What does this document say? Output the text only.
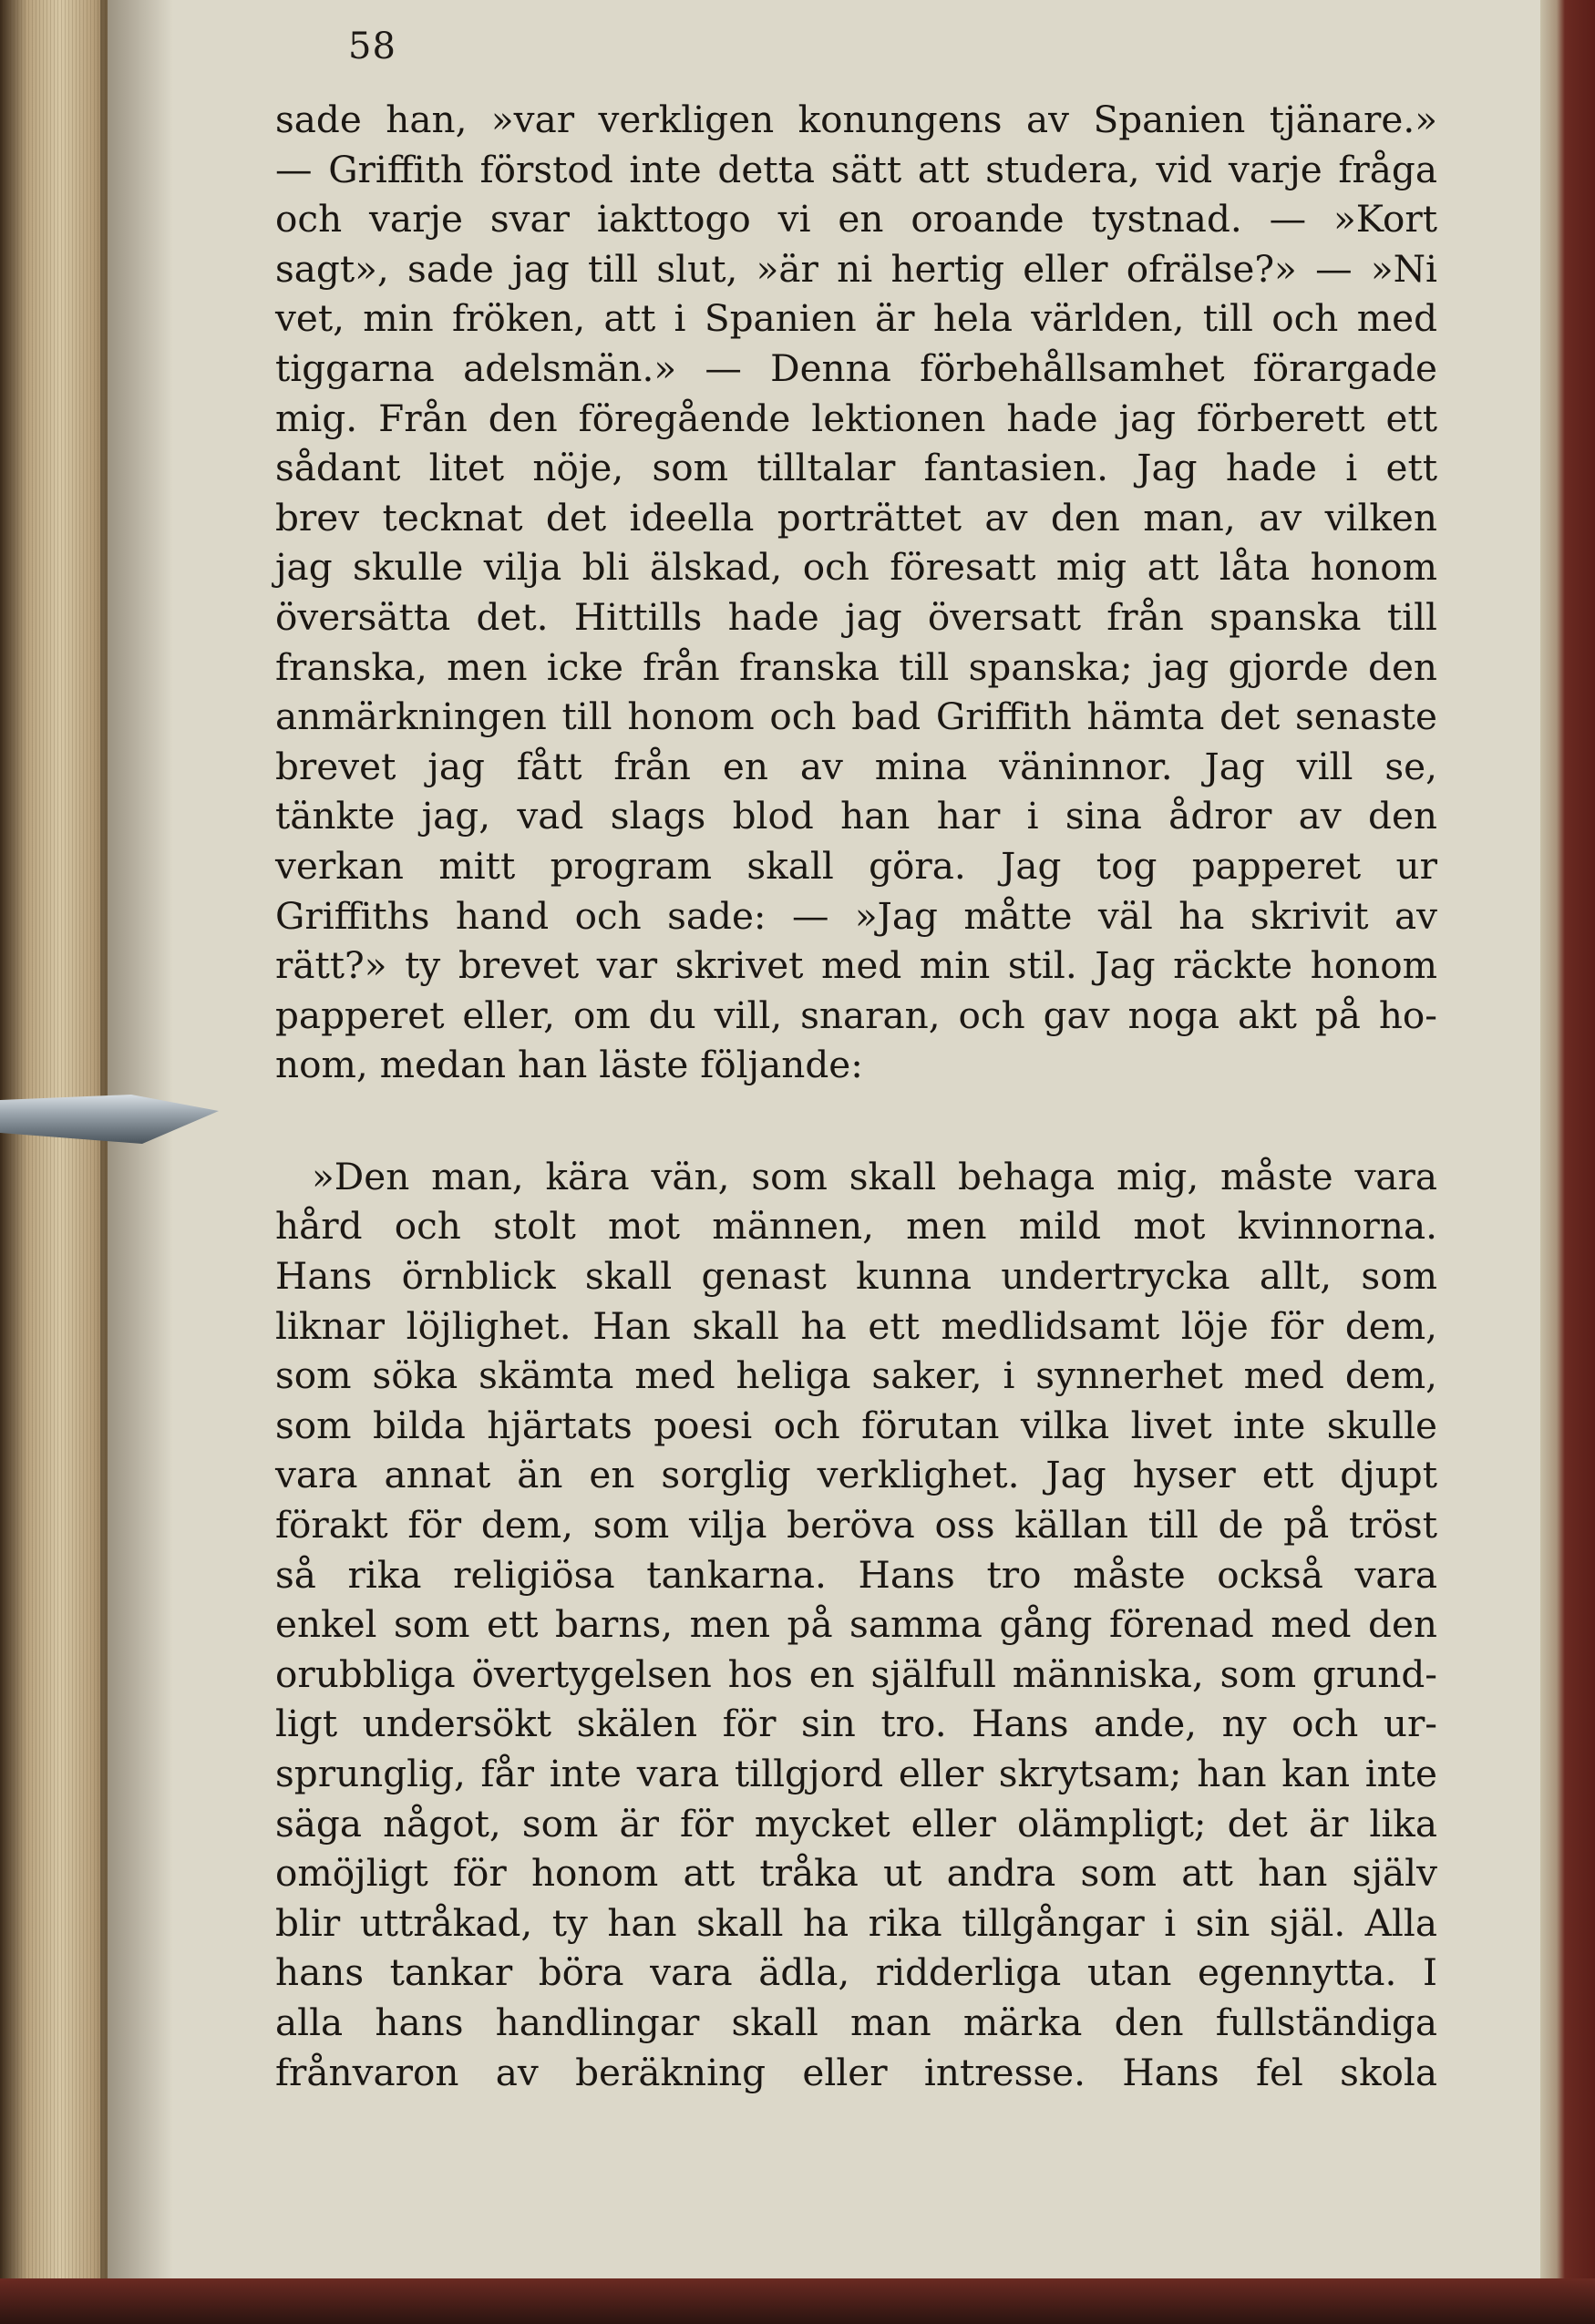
58
sade han, »var verkligen konungens av Spanien tjänare.»
— Griffith förstod inte detta sätt att studera, vid varje fråga
och varje svar iakttogo vi en oroande tystnad. — »Kort
sagt», sade jag till slut, »är ni hertig eller ofrälse?» — »Ni
vet, min fröken, att i Spanien är hela världen, till och med
tiggarna adelsmän.» — Denna förbehållsamhet förargade
mig. Från den föregående lektionen hade jag förberett ett
sådant litet nöje, som tilltalar fantasien. Jag hade i ett
brev tecknat det ideella porträttet av den man, av vilken
jag skulle vilja bli älskad, och föresatt mig att låta honom
översätta det. Hittills hade jag översatt från spanska till
franska, men icke från franska till spanska; jag gjorde den
anmärkningen till honom och bad Griffith hämta det senaste
brevet jag fått från en av mina väninnor. Jag vill se,
tänkte jag, vad slags blod han har i sina ådror av den
verkan mitt program skall göra. Jag tog papperet ur
Griffiths hand och sade: — »Jag måtte väl ha skrivit av
rätt?» ty brevet var skrivet med min stil. Jag räckte honom
papperet eller, om du vill, snaran, och gav noga akt på ho-
nom, medan han läste följande:
»Den man, kära vän, som skall behaga mig, måste vara
hård och stolt mot männen, men mild mot kvinnorna.
Hans örnblick skall genast kunna undertrycka allt, som
liknar löjlighet. Han skall ha ett medlidsamt löje för dem,
som söka skämta med heliga saker, i synnerhet med dem,
som bilda hjärtats poesi och förutan vilka livet inte skulle
vara annat än en sorglig verklighet. Jag hyser ett djupt
förakt för dem, som vilja beröva oss källan till de på tröst
så rika religiösa tankarna. Hans tro måste också vara
enkel som ett barns, men på samma gång förenad med den
orubbliga övertygelsen hos en själfull människa, som grund-
ligt undersökt skälen för sin tro. Hans ande, ny och ur-
sprunglig, får inte vara tillgjord eller skrytsam; han kan inte
säga något, som är för mycket eller olämpligt; det är lika
omöjligt för honom att tråka ut andra som att han själv
blir uttråkad, ty han skall ha rika tillgångar i sin själ. Alla
hans tankar böra vara ädla, ridderliga utan egennytta. I
alla hans handlingar skall man märka den fullständiga
frånvaron av beräkning eller intresse. Hans fel skola
